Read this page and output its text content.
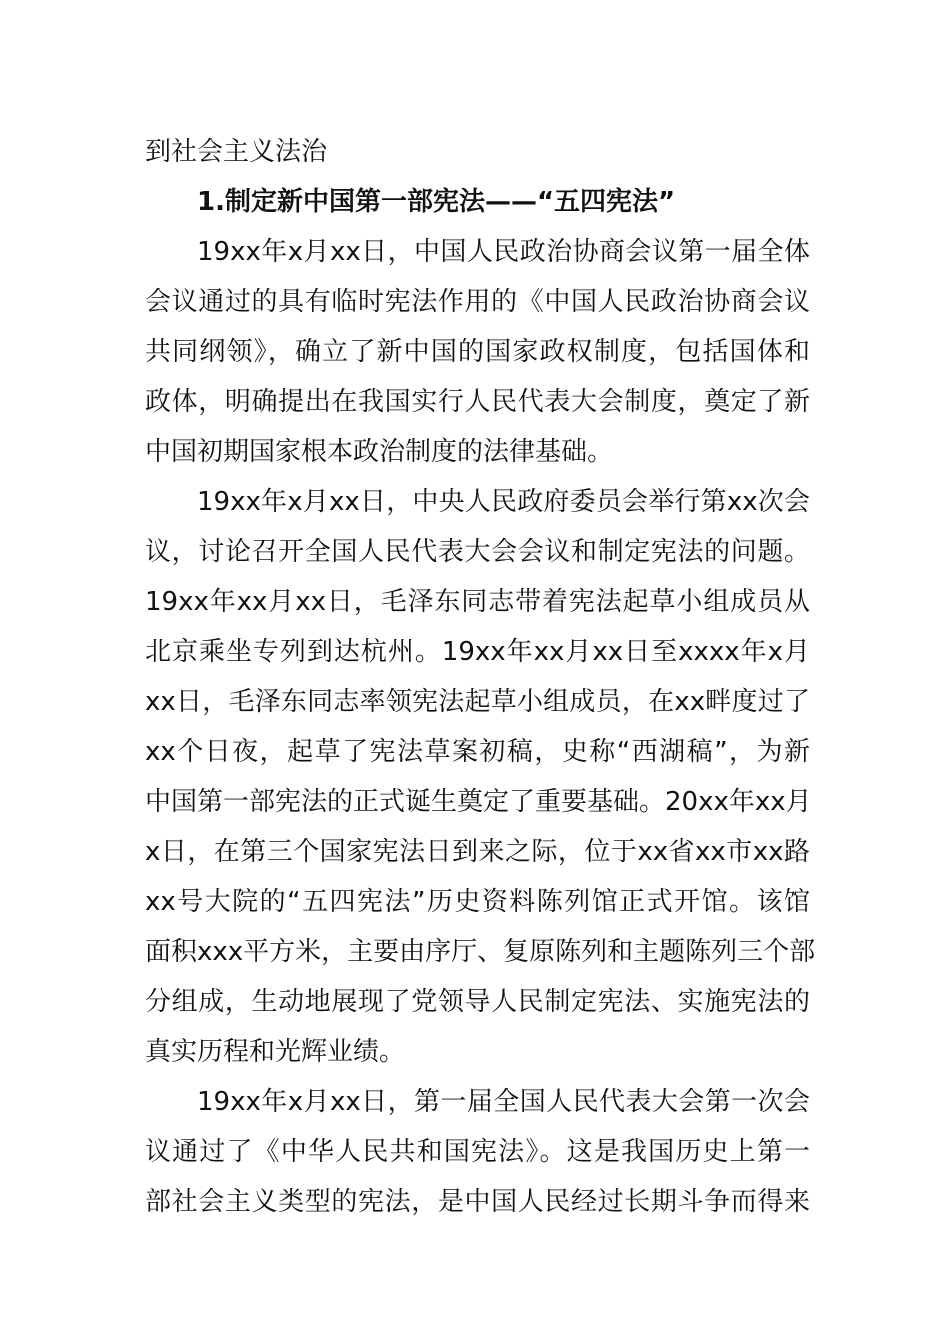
到社会主义法治
1.制定新中国第一部宪法——“五四宪法”
19xx年x月xx日，中国人民政治协商会议第一届全体
会议通过的具有临时宪法作用的《中国人民政治协商会议
共同纲领》，确立了新中国的国家政权制度，包括国体和
政体，明确提出在我国实行人民代表大会制度，奠定了新
中国初期国家根本政治制度的法律基础。
19xx年x月xx日，中央人民政府委员会举行第xx次会
议，讨论召开全国人民代表大会会议和制定宪法的问题。
19xx年xx月xx日，毛泽东同志带着宪法起草小组成员从
北京乘坐专列到达杭州。19xx年xx月xx日至xxxx年x月
xx日，毛泽东同志率领宪法起草小组成员，在xx畔度过了
xx个日夜，起草了宪法草案初稿，史称“西湖稿”，为新
中国第一部宪法的正式诞生奠定了重要基础。20xx年xx月
x日，在第三个国家宪法日到来之际，位于xx省xx市xx路
xx号大院的“五四宪法”历史资料陈列馆正式开馆。该馆
面积xxx平方米，主要由序厅、复原陈列和主题陈列三个部
分组成，生动地展现了党领导人民制定宪法、实施宪法的
真实历程和光辉业绩。
19xx年x月xx日，第一届全国人民代表大会第一次会
议通过了《中华人民共和国宪法》。这是我国历史上第一
部社会主义类型的宪法，是中国人民经过长期斗争而得来
